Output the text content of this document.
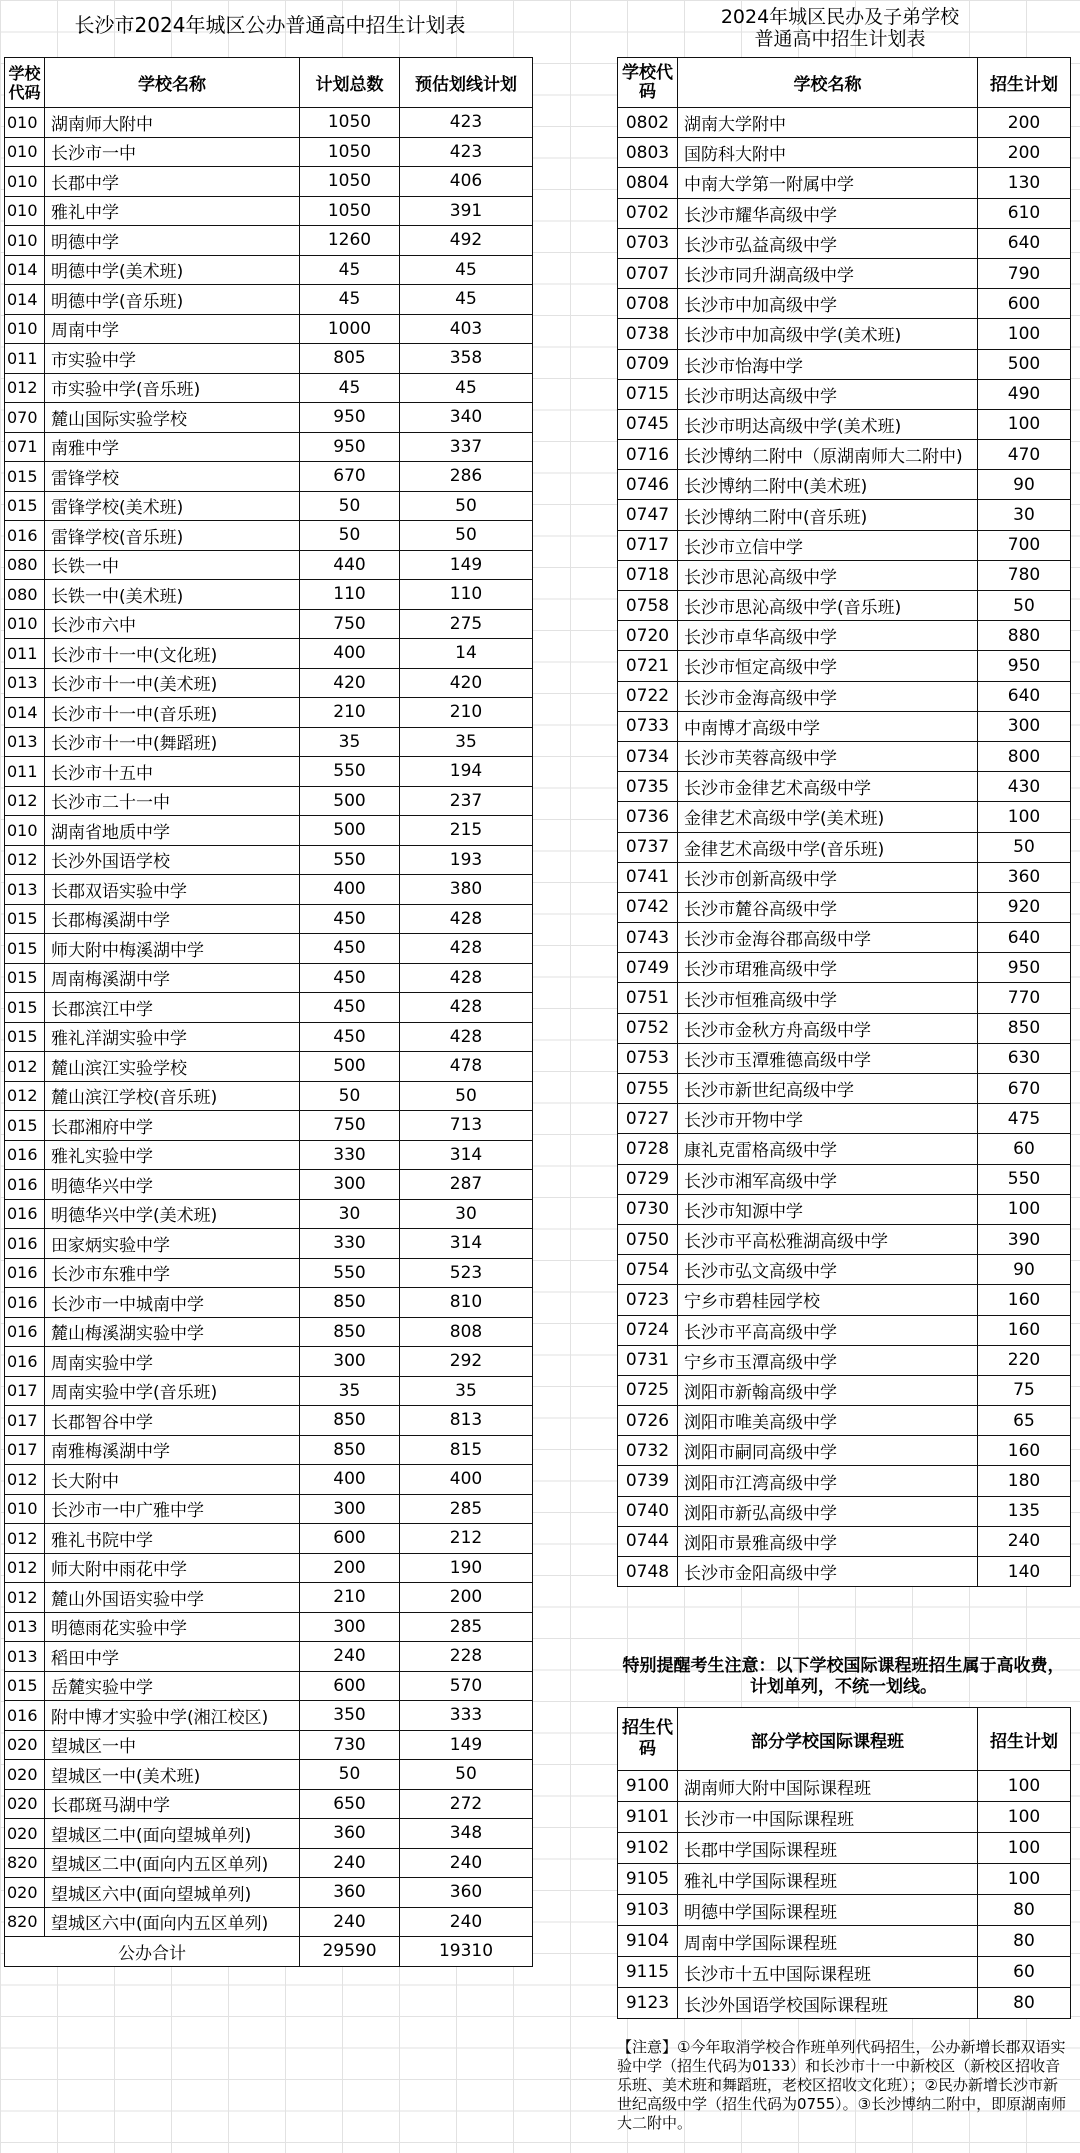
长沙市2024年城区公办普通高中招生计划表	2024年城区民办及子弟学校
普通高中招生计划表
学校代码	学校名称	计划总数	预估划线计划
010	湖南师大附中	1050	423
010	长沙市一中	1050	423
010	长郡中学	1050	406
010	雅礼中学	1050	391
010	明德中学	1260	492
014	明德中学(美术班)	45	45
014	明德中学(音乐班)	45	45
010	周南中学	1000	403
011	市实验中学	805	358
012	市实验中学(音乐班)	45	45
070	麓山国际实验学校	950	340
071	南雅中学	950	337
015	雷锋学校	670	286
015	雷锋学校(美术班)	50	50
016	雷锋学校(音乐班)	50	50
080	长铁一中	440	149
080	长铁一中(美术班)	110	110
010	长沙市六中	750	275
011	长沙市十一中(文化班)	400	14
013	长沙市十一中(美术班)	420	420
014	长沙市十一中(音乐班)	210	210
013	长沙市十一中(舞蹈班)	35	35
011	长沙市十五中	550	194
012	长沙市二十一中	500	237
010	湖南省地质中学	500	215
012	长沙外国语学校	550	193
013	长郡双语实验中学	400	380
015	长郡梅溪湖中学	450	428
015	师大附中梅溪湖中学	450	428
015	周南梅溪湖中学	450	428
015	长郡滨江中学	450	428
015	雅礼洋湖实验中学	450	428
012	麓山滨江实验学校	500	478
012	麓山滨江学校(音乐班)	50	50
015	长郡湘府中学	750	713
016	雅礼实验中学	330	314
016	明德华兴中学	300	287
016	明德华兴中学(美术班)	30	30
016	田家炳实验中学	330	314
016	长沙市东雅中学	550	523
016	长沙市一中城南中学	850	810
016	麓山梅溪湖实验中学	850	808
016	周南实验中学	300	292
017	周南实验中学(音乐班)	35	35
017	长郡智谷中学	850	813
017	南雅梅溪湖中学	850	815
012	长大附中	400	400
010	长沙市一中广雅中学	300	285
012	雅礼书院中学	600	212
012	师大附中雨花中学	200	190
012	麓山外国语实验中学	210	200
013	明德雨花实验中学	300	285
013	稻田中学	240	228
015	岳麓实验中学	600	570
016	附中博才实验中学(湘江校区)	350	333
020	望城区一中	730	149
020	望城区一中(美术班)	50	50
020	长郡斑马湖中学	650	272
020	望城区二中(面向望城单列)	360	348
820	望城区二中(面向内五区单列)	240	240
020	望城区六中(面向望城单列)	360	360
820	望城区六中(面向内五区单列)	240	240
公办合计		29590	19310
学校代码	学校名称	招生计划
0802	湖南大学附中	200
0803	国防科大附中	200
0804	中南大学第一附属中学	130
0702	长沙市耀华高级中学	610
0703	长沙市弘益高级中学	640
0707	长沙市同升湖高级中学	790
0708	长沙市中加高级中学	600
0738	长沙市中加高级中学(美术班)	100
0709	长沙市怡海中学	500
0715	长沙市明达高级中学	490
0745	长沙市明达高级中学(美术班)	100
0716	长沙博纳二附中（原湖南师大二附中)	470
0746	长沙博纳二附中(美术班)	90
0747	长沙博纳二附中(音乐班)	30
0717	长沙市立信中学	700
0718	长沙市思沁高级中学	780
0758	长沙市思沁高级中学(音乐班)	50
0720	长沙市卓华高级中学	880
0721	长沙市恒定高级中学	950
0722	长沙市金海高级中学	640
0733	中南博才高级中学	300
0734	长沙市芙蓉高级中学	800
0735	长沙市金律艺术高级中学	430
0736	金律艺术高级中学(美术班)	100
0737	金律艺术高级中学(音乐班)	50
0741	长沙市创新高级中学	360
0742	长沙市麓谷高级中学	920
0743	长沙市金海谷郡高级中学	640
0749	长沙市珺雅高级中学	950
0751	长沙市恒雅高级中学	770
0752	长沙市金秋方舟高级中学	850
0753	长沙市玉潭雅德高级中学	630
0755	长沙市新世纪高级中学	670
0727	长沙市开物中学	475
0728	康礼克雷格高级中学	60
0729	长沙市湘军高级中学	550
0730	长沙市知源中学	100
0750	长沙市平高松雅湖高级中学	390
0754	长沙市弘文高级中学	90
0723	宁乡市碧桂园学校	160
0724	长沙市平高高级中学	160
0731	宁乡市玉潭高级中学	220
0725	浏阳市新翰高级中学	75
0726	浏阳市唯美高级中学	65
0732	浏阳市嗣同高级中学	160
0739	浏阳市江湾高级中学	180
0740	浏阳市新弘高级中学	135
0744	浏阳市景雅高级中学	240
0748	长沙市金阳高级中学	140
特别提醒考生注意：以下学校国际课程班招生属于高收费，计划单列，不统一划线。
招生代码	部分学校国际课程班	招生计划
9100	湖南师大附中国际课程班	100
9101	长沙市一中国际课程班	100
9102	长郡中学国际课程班	100
9105	雅礼中学国际课程班	100
9103	明德中学国际课程班	80
9104	周南中学国际课程班	80
9115	长沙市十五中国际课程班	60
9123	长沙外国语学校国际课程班	80
【注意】①今年取消学校合作班单列代码招生，公办新增长郡双语实验中学（招生代码为0133）和长沙市十一中新校区（新校区招收音乐班、美术班和舞蹈班，老校区招收文化班）；②民办新增长沙市新世纪高级中学（招生代码为0755）。③长沙博纳二附中，即原湖南师大二附中。
